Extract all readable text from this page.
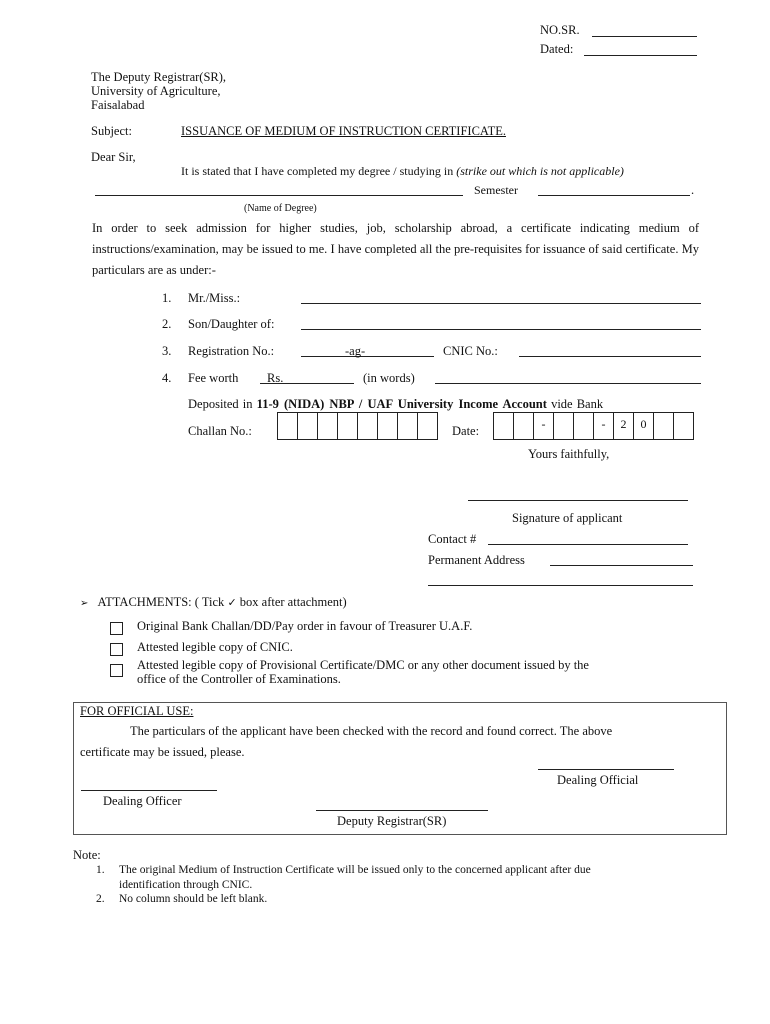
NO.SR.
Dated:
The Deputy Registrar(SR),
University of Agriculture,
Faisalabad
Subject:	ISSUANCE OF MEDIUM OF INSTRUCTION CERTIFICATE.
Dear Sir,
It is stated that I have completed my degree / studying in (strike out which is not applicable)
Semester	.
(Name of Degree)
In order to seek admission for higher studies, job, scholarship abroad, a certificate indicating medium of instructions/examination, may be issued to me. I have completed all the pre-requisites for issuance of said certificate. My particulars are as under:-
1. Mr./Miss.:
2. Son/Daughter of:
3. Registration No.:	-ag-	CNIC No.:
4. Fee worth Rs.	(in words)
Deposited in 11-9 (NIDA) NBP / UAF University Income Account vide Bank
Challan No.:	Date:	-	-	2	0
Yours faithfully,
Signature of applicant
Contact #
Permanent Address
➢ ATTACHMENTS: ( Tick ✓ box after attachment)
Original Bank Challan/DD/Pay order in favour of Treasurer U.A.F.
Attested legible copy of CNIC.
Attested legible copy of Provisional Certificate/DMC or any other document issued by the
office of the Controller of Examinations.
FOR OFFICIAL USE:
The particulars of the applicant have been checked with the record and found correct. The above
certificate may be issued, please.
Dealing Official
Dealing Officer
Deputy Registrar(SR)
Note:
1. The original Medium of Instruction Certificate will be issued only to the concerned applicant after due
identification through CNIC.
2. No column should be left blank.
